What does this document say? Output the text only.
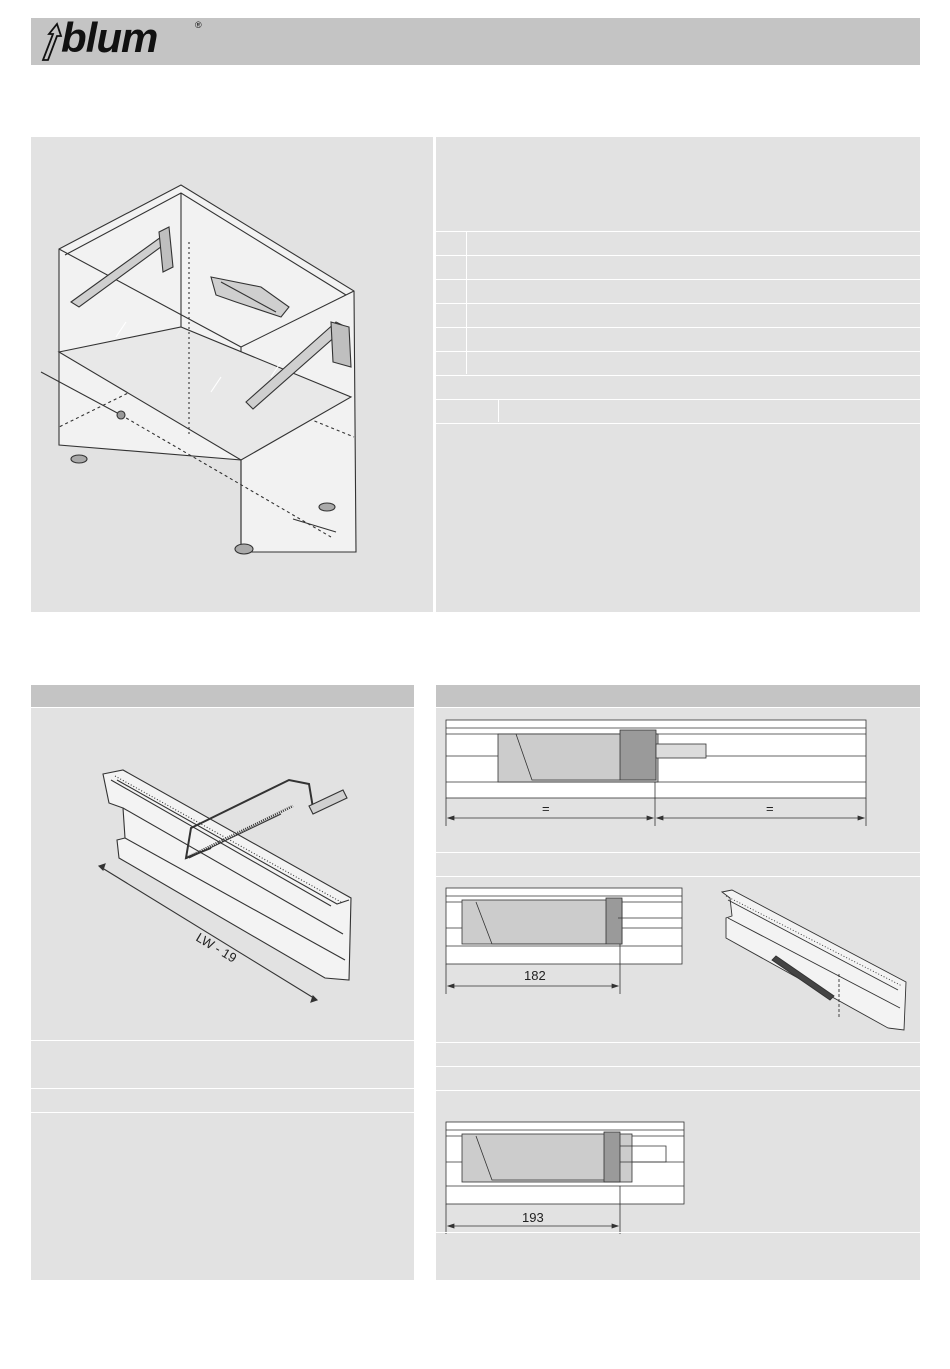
blum	®
LW - 19
=	=
182
193
